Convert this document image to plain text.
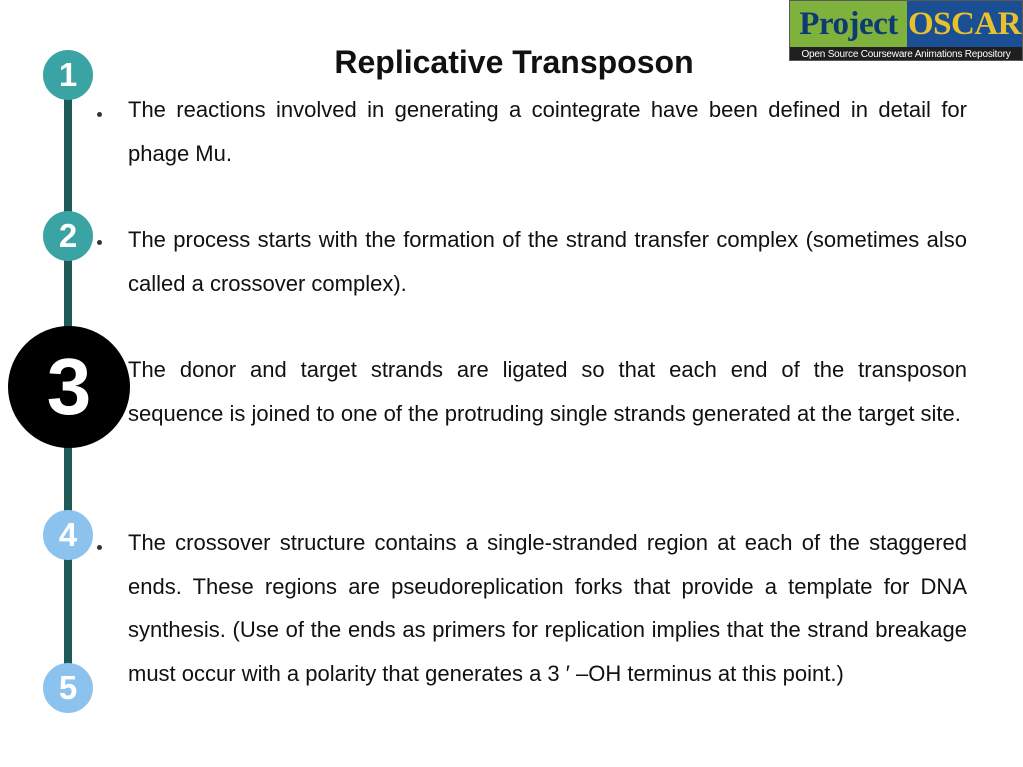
Project OSCAR
Open Source Courseware Animations Repository
Replicative Transposon
1
2
3
4
5
The reactions involved in generating a cointegrate have been defined in detail for phage Mu.
The process starts with the formation of the strand transfer complex (sometimes also called a crossover complex).
The donor and target strands are ligated so that each end of the transposon sequence is joined to one of the protruding single strands generated at the target site.
The crossover structure contains a single-stranded region at each of the staggered ends. These regions are pseudoreplication forks that provide a template for DNA synthesis. (Use of the ends as primers for replication implies that the strand breakage must occur with a polarity that generates a 3 ′ –OH terminus at this point.)
